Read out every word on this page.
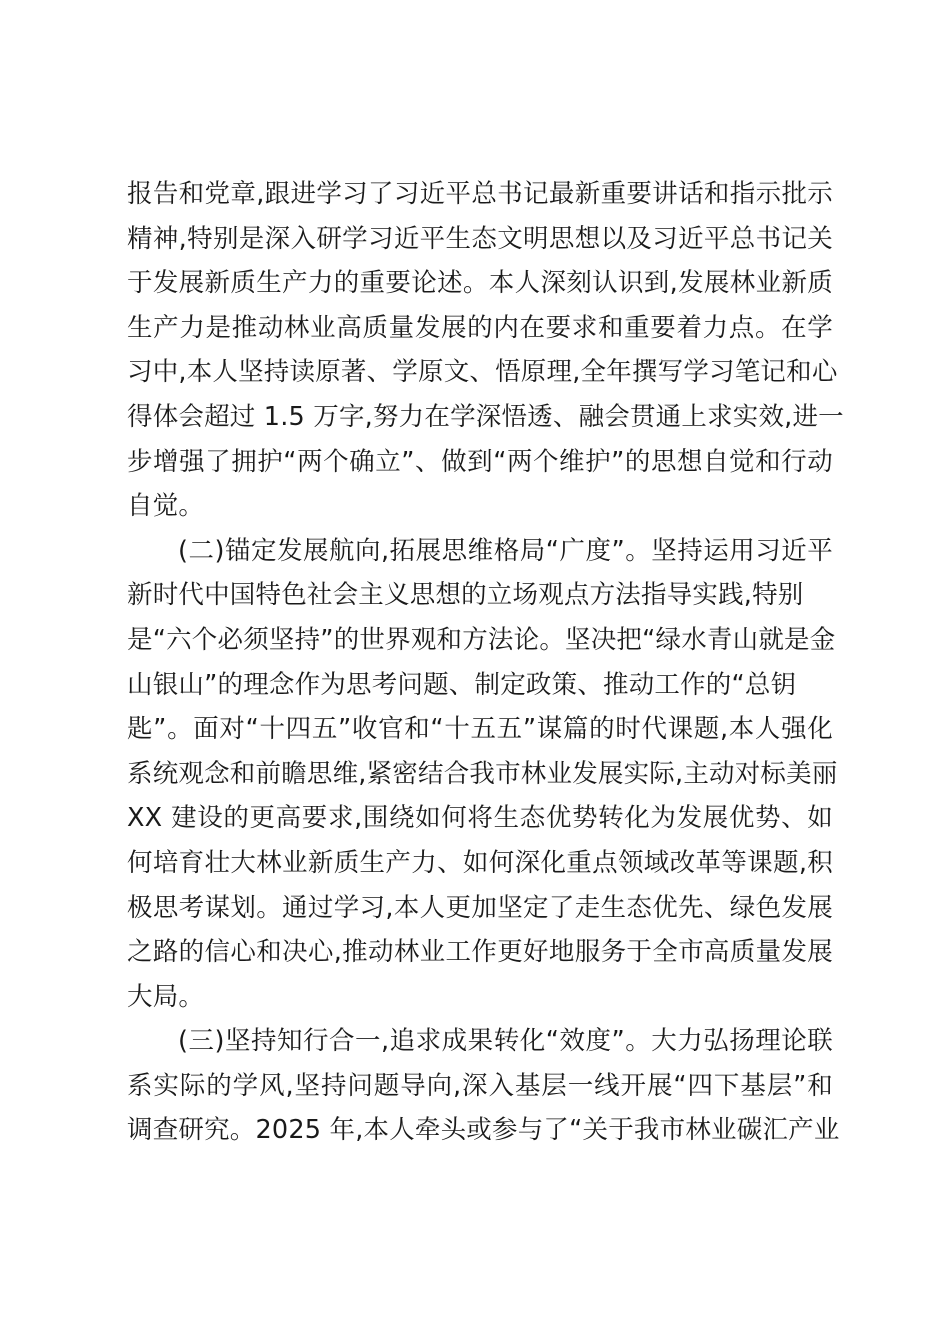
报告和党章,跟进学习了习近平总书记最新重要讲话和指示批示
精神,特别是深入研学习近平生态文明思想以及习近平总书记关
于发展新质生产力的重要论述。本人深刻认识到,发展林业新质
生产力是推动林业高质量发展的内在要求和重要着力点。在学
习中,本人坚持读原著、学原文、悟原理,全年撰写学习笔记和心
得体会超过 1.5 万字,努力在学深悟透、融会贯通上求实效,进一
步增强了拥护“两个确立”、做到“两个维护”的思想自觉和行动
自觉。
(二)锚定发展航向,拓展思维格局“广度”。坚持运用习近平
新时代中国特色社会主义思想的立场观点方法指导实践,特别
是“六个必须坚持”的世界观和方法论。坚决把“绿水青山就是金
山银山”的理念作为思考问题、制定政策、推动工作的“总钥
匙”。面对“十四五”收官和“十五五”谋篇的时代课题,本人强化
系统观念和前瞻思维,紧密结合我市林业发展实际,主动对标美丽
XX 建设的更高要求,围绕如何将生态优势转化为发展优势、如
何培育壮大林业新质生产力、如何深化重点领域改革等课题,积
极思考谋划。通过学习,本人更加坚定了走生态优先、绿色发展
之路的信心和决心,推动林业工作更好地服务于全市高质量发展
大局。
(三)坚持知行合一,追求成果转化“效度”。大力弘扬理论联
系实际的学风,坚持问题导向,深入基层一线开展“四下基层”和
调查研究。2025 年,本人牵头或参与了“关于我市林业碳汇产业
